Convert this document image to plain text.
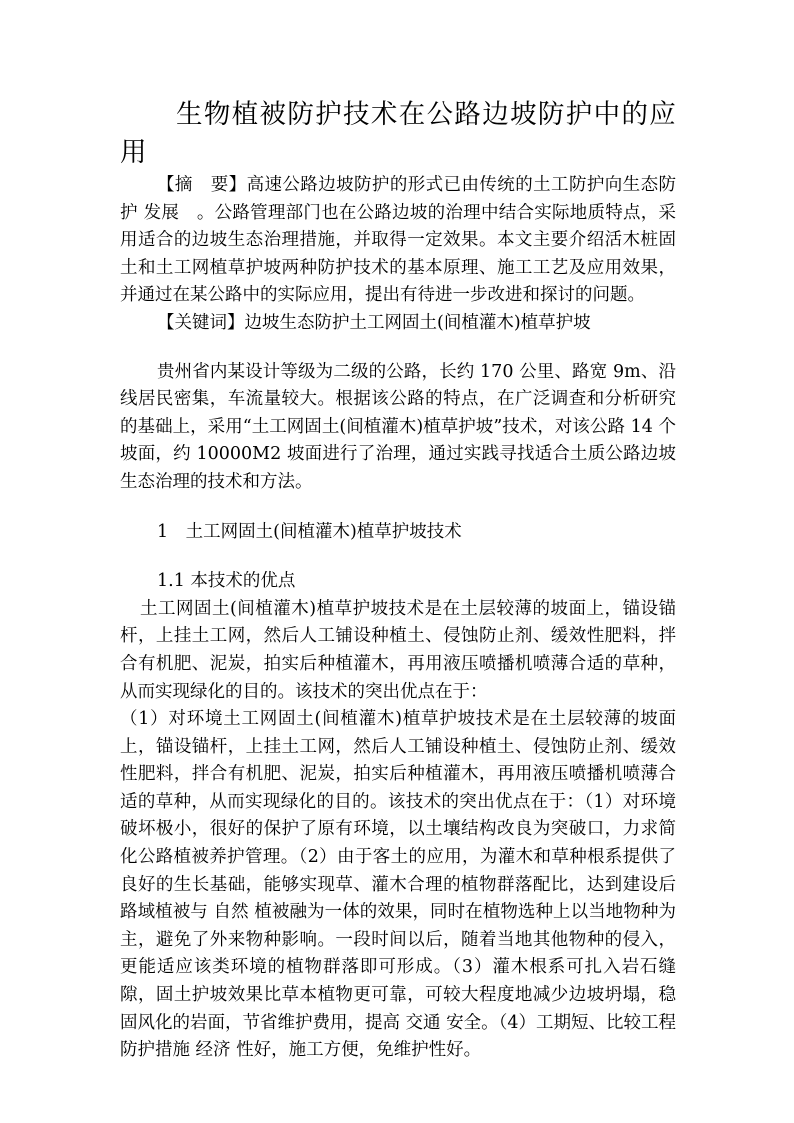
生物植被防护技术在公路边坡防护中的应用

【摘　要】高速公路边坡防护的形式已由传统的土工防护向生态防护 发展　。公路管理部门也在公路边坡的治理中结合实际地质特点，采用适合的边坡生态治理措施，并取得一定效果。本文主要介绍活木桩固土和土工网植草护坡两种防护技术的基本原理、施工工艺及应用效果，并通过在某公路中的实际应用，提出有待进一步改进和探讨的问题。

【关键词】边坡生态防护土工网固土(间植灌木)植草护坡

贵州省内某设计等级为二级的公路，长约 170 公里、路宽 9m、沿线居民密集，车流量较大。根据该公路的特点，在广泛调查和分析研究的基础上，采用“土工网固土(间植灌木)植草护坡”技术，对该公路 14 个坡面，约 10000M2 坡面进行了治理，通过实践寻找适合土质公路边坡生态治理的技术和方法。

1　土工网固土(间植灌木)植草护坡技术

1.1 本技术的优点

土工网固土(间植灌木)植草护坡技术是在土层较薄的坡面上，锚设锚杆，上挂土工网，然后人工铺设种植土、侵蚀防止剂、缓效性肥料，拌合有机肥、泥炭，拍实后种植灌木，再用液压喷播机喷薄合适的草种，从而实现绿化的目的。该技术的突出优点在于：

（1）对环境土工网固土(间植灌木)植草护坡技术是在土层较薄的坡面上，锚设锚杆，上挂土工网，然后人工铺设种植土、侵蚀防止剂、缓效性肥料，拌合有机肥、泥炭，拍实后种植灌木，再用液压喷播机喷薄合适的草种，从而实现绿化的目的。该技术的突出优点在于：（1）对环境破坏极小，很好的保护了原有环境，以土壤结构改良为突破口，力求简化公路植被养护管理。（2）由于客土的应用，为灌木和草种根系提供了良好的生长基础，能够实现草、灌木合理的植物群落配比，达到建设后路域植被与 自然 植被融为一体的效果，同时在植物选种上以当地物种为主，避免了外来物种影响。一段时间以后，随着当地其他物种的侵入，更能适应该类环境的植物群落即可形成。（3）灌木根系可扎入岩石缝隙，固土护坡效果比草本植物更可靠，可较大程度地减少边坡坍塌，稳固风化的岩面，节省维护费用，提高 交通 安全。（4）工期短、比较工程防护措施 经济 性好，施工方便，免维护性好。
